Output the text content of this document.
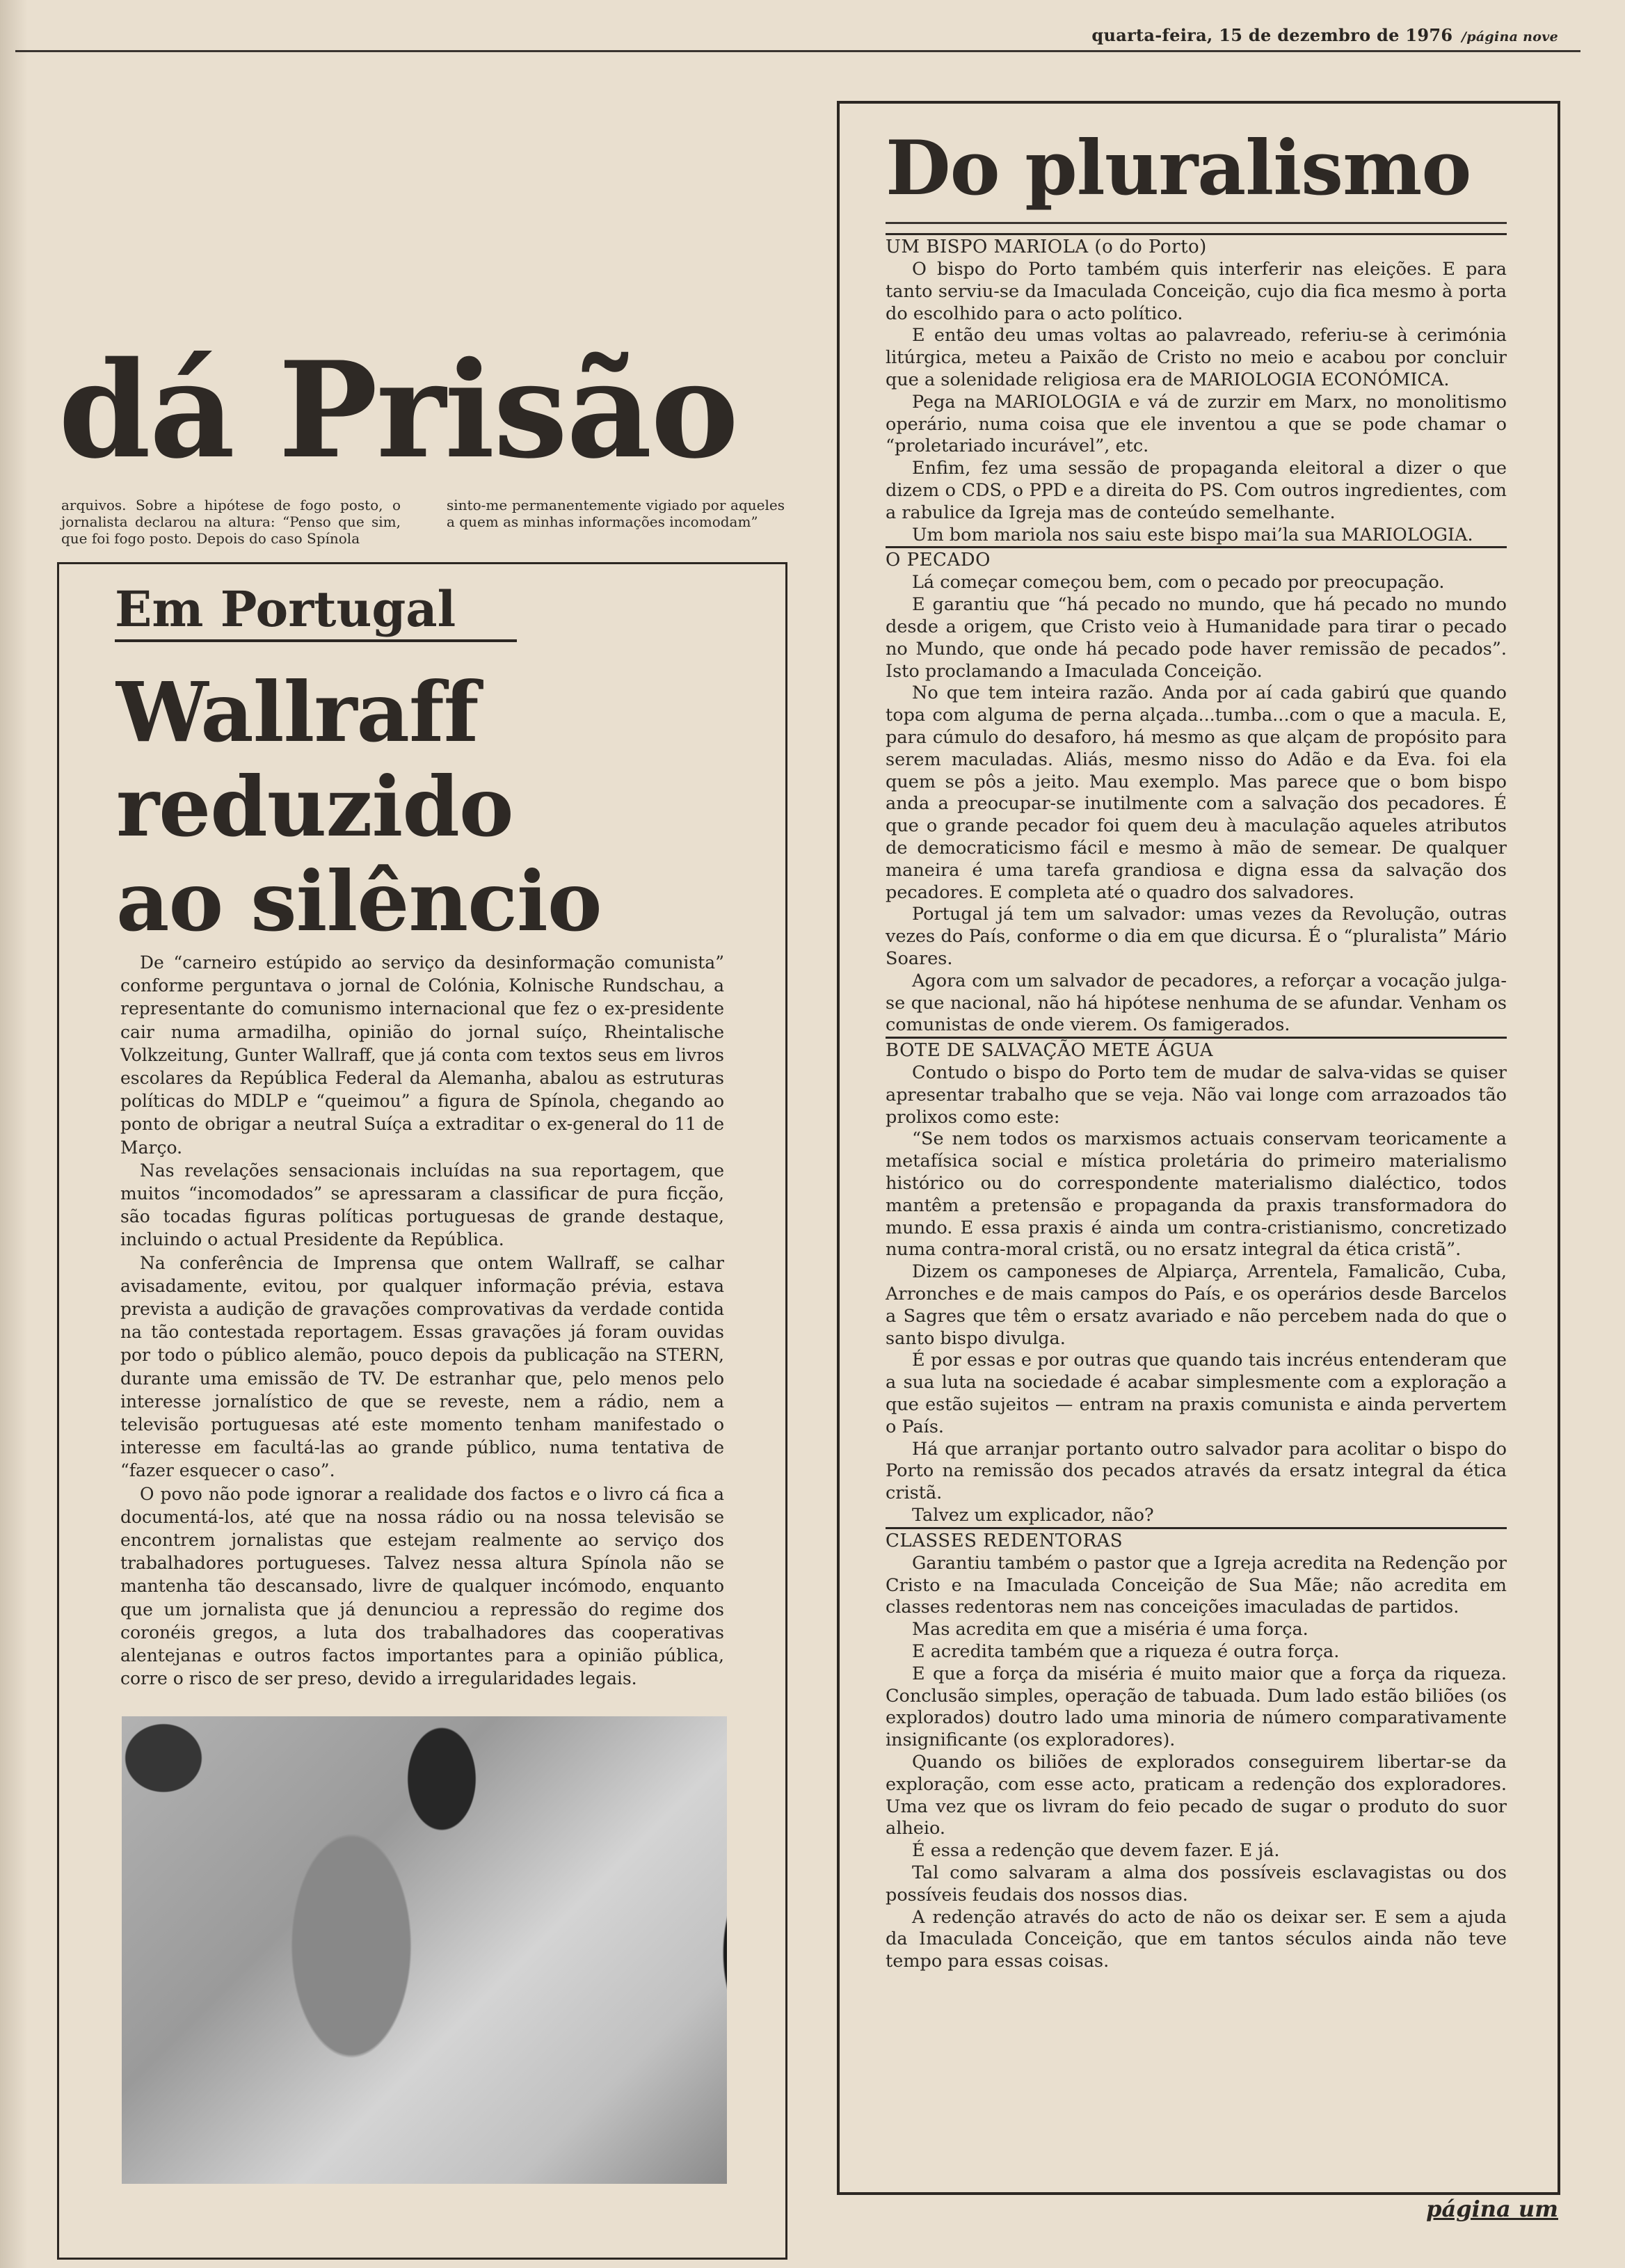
quarta-feira, 15 de dezembro de 1976 /página nove
dá Prisão
arquivos. Sobre a hipótese de fogo posto, o jornalista declarou na altura: “Penso que sim, que foi fogo posto. Depois do caso Spínola
sinto-me permanentemente vigiado por aqueles a quem as minhas informações incomodam”
Em Portugal
Wallraff
reduzido
ao silêncio

De “carneiro estúpido ao serviço da desinformação comunista” conforme perguntava o jornal de Colónia, Kolnische Rundschau, a representante do comunismo internacional que fez o ex-presidente cair numa armadilha, opinião do jornal suíço, Rheintalische Volkzeitung, Gunter Wallraff, que já conta com textos seus em livros escolares da República Federal da Alemanha, abalou as estruturas políticas do MDLP e “queimou” a figura de Spínola, chegando ao ponto de obrigar a neutral Suíça a extraditar o ex-general do 11 de Março.

Nas revelações sensacionais incluídas na sua reportagem, que muitos “incomodados” se apressaram a classificar de pura ficção, são tocadas figuras políticas portuguesas de grande destaque, incluindo o actual Presidente da República.

Na conferência de Imprensa que ontem Wallraff, se calhar avisadamente, evitou, por qualquer informação prévia, estava prevista a audição de gravações comprovativas da verdade contida na tão contestada reportagem. Essas gravações já foram ouvidas por todo o público alemão, pouco depois da publicação na STERN, durante uma emissão de TV. De estranhar que, pelo menos pelo interesse jornalístico de que se reveste, nem a rádio, nem a televisão portuguesas até este momento tenham manifestado o interesse em facultá-las ao grande público, numa tentativa de “fazer esquecer o caso”.

O povo não pode ignorar a realidade dos factos e o livro cá fica a documentá-los, até que na nossa rádio ou na nossa televisão se encontrem jornalistas que estejam realmente ao serviço dos trabalhadores portugueses. Talvez nessa altura Spínola não se mantenha tão descansado, livre de qualquer incómodo, enquanto que um jornalista que já denunciou a repressão do regime dos coronéis gregos, a luta dos trabalhadores das cooperativas alentejanas e outros factos importantes para a opinião pública, corre o risco de ser preso, devido a irregularidades legais.

Do pluralismo
UM BISPO MARIOLA (o do Porto)

O bispo do Porto também quis interferir nas eleições. E para tanto serviu-se da Imaculada Conceição, cujo dia fica mesmo à porta do escolhido para o acto político.

E então deu umas voltas ao palavreado, referiu-se à cerimónia litúrgica, meteu a Paixão de Cristo no meio e acabou por concluir que a solenidade religiosa era de MARIOLOGIA ECONÓMICA.

Pega na MARIOLOGIA e vá de zurzir em Marx, no monolitismo operário, numa coisa que ele inventou a que se pode chamar o “proletariado incurável”, etc.

Enfim, fez uma sessão de propaganda eleitoral a dizer o que dizem o CDS, o PPD e a direita do PS. Com outros ingredientes, com a rabulice da Igreja mas de conteúdo semelhante.

Um bom mariola nos saiu este bispo mai’la sua MARIOLOGIA.

O PECADO

Lá começar começou bem, com o pecado por preocupação.

E garantiu que “há pecado no mundo, que há pecado no mundo desde a origem, que Cristo veio à Humanidade para tirar o pecado no Mundo, que onde há pecado pode haver remissão de pecados”. Isto proclamando a Imaculada Conceição.

No que tem inteira razão. Anda por aí cada gabirú que quando topa com alguma de perna alçada...tumba...com o que a macula. E, para cúmulo do desaforo, há mesmo as que alçam de propósito para serem maculadas. Aliás, mesmo nisso do Adão e da Eva. foi ela quem se pôs a jeito. Mau exemplo. Mas parece que o bom bispo anda a preocupar-se inutilmente com a salvação dos pecadores. É que o grande pecador foi quem deu à maculação aqueles atributos de democraticismo fácil e mesmo à mão de semear. De qualquer maneira é uma tarefa grandiosa e digna essa da salvação dos pecadores. E completa até o quadro dos salvadores.

Portugal já tem um salvador: umas vezes da Revolução, outras vezes do País, conforme o dia em que dicursa. É o “pluralista” Mário Soares.

Agora com um salvador de pecadores, a reforçar a vocação julga-se que nacional, não há hipótese nenhuma de se afundar. Venham os comunistas de onde vierem. Os famigerados.

BOTE DE SALVAÇÃO METE ÁGUA

Contudo o bispo do Porto tem de mudar de salva-vidas se quiser apresentar trabalho que se veja. Não vai longe com arrazoados tão prolixos como este:

“Se nem todos os marxismos actuais conservam teoricamente a metafísica social e mística proletária do primeiro materialismo histórico ou do correspondente materialismo dialéctico, todos mantêm a pretensão e propaganda da praxis transformadora do mundo. E essa praxis é ainda um contra-cristianismo, concretizado numa contra-moral cristã, ou no ersatz integral da ética cristã”.

Dizem os camponeses de Alpiarça, Arrentela, Famalicão, Cuba, Arronches e de mais campos do País, e os operários desde Barcelos a Sagres que têm o ersatz avariado e não percebem nada do que o santo bispo divulga.

É por essas e por outras que quando tais incréus entenderam que a sua luta na sociedade é acabar simplesmente com a exploração a que estão sujeitos — entram na praxis comunista e ainda pervertem o País.

Há que arranjar portanto outro salvador para acolitar o bispo do Porto na remissão dos pecados através da ersatz integral da ética cristã.

Talvez um explicador, não?

CLASSES REDENTORAS

Garantiu também o pastor que a Igreja acredita na Redenção por Cristo e na Imaculada Conceição de Sua Mãe; não acredita em classes redentoras nem nas conceições imaculadas de partidos.

Mas acredita em que a miséria é uma força.

E acredita também que a riqueza é outra força.

E que a força da miséria é muito maior que a força da riqueza. Conclusão simples, operação de tabuada. Dum lado estão biliões (os explorados) doutro lado uma minoria de número comparativamente insignificante (os exploradores).

Quando os biliões de explorados conseguirem libertar-se da exploração, com esse acto, praticam a redenção dos exploradores. Uma vez que os livram do feio pecado de sugar o produto do suor alheio.

É essa a redenção que devem fazer. E já.

Tal como salvaram a alma dos possíveis esclavagistas ou dos possíveis feudais dos nossos dias.

A redenção através do acto de não os deixar ser. E sem a ajuda da Imaculada Conceição, que em tantos séculos ainda não teve tempo para essas coisas.

página um
